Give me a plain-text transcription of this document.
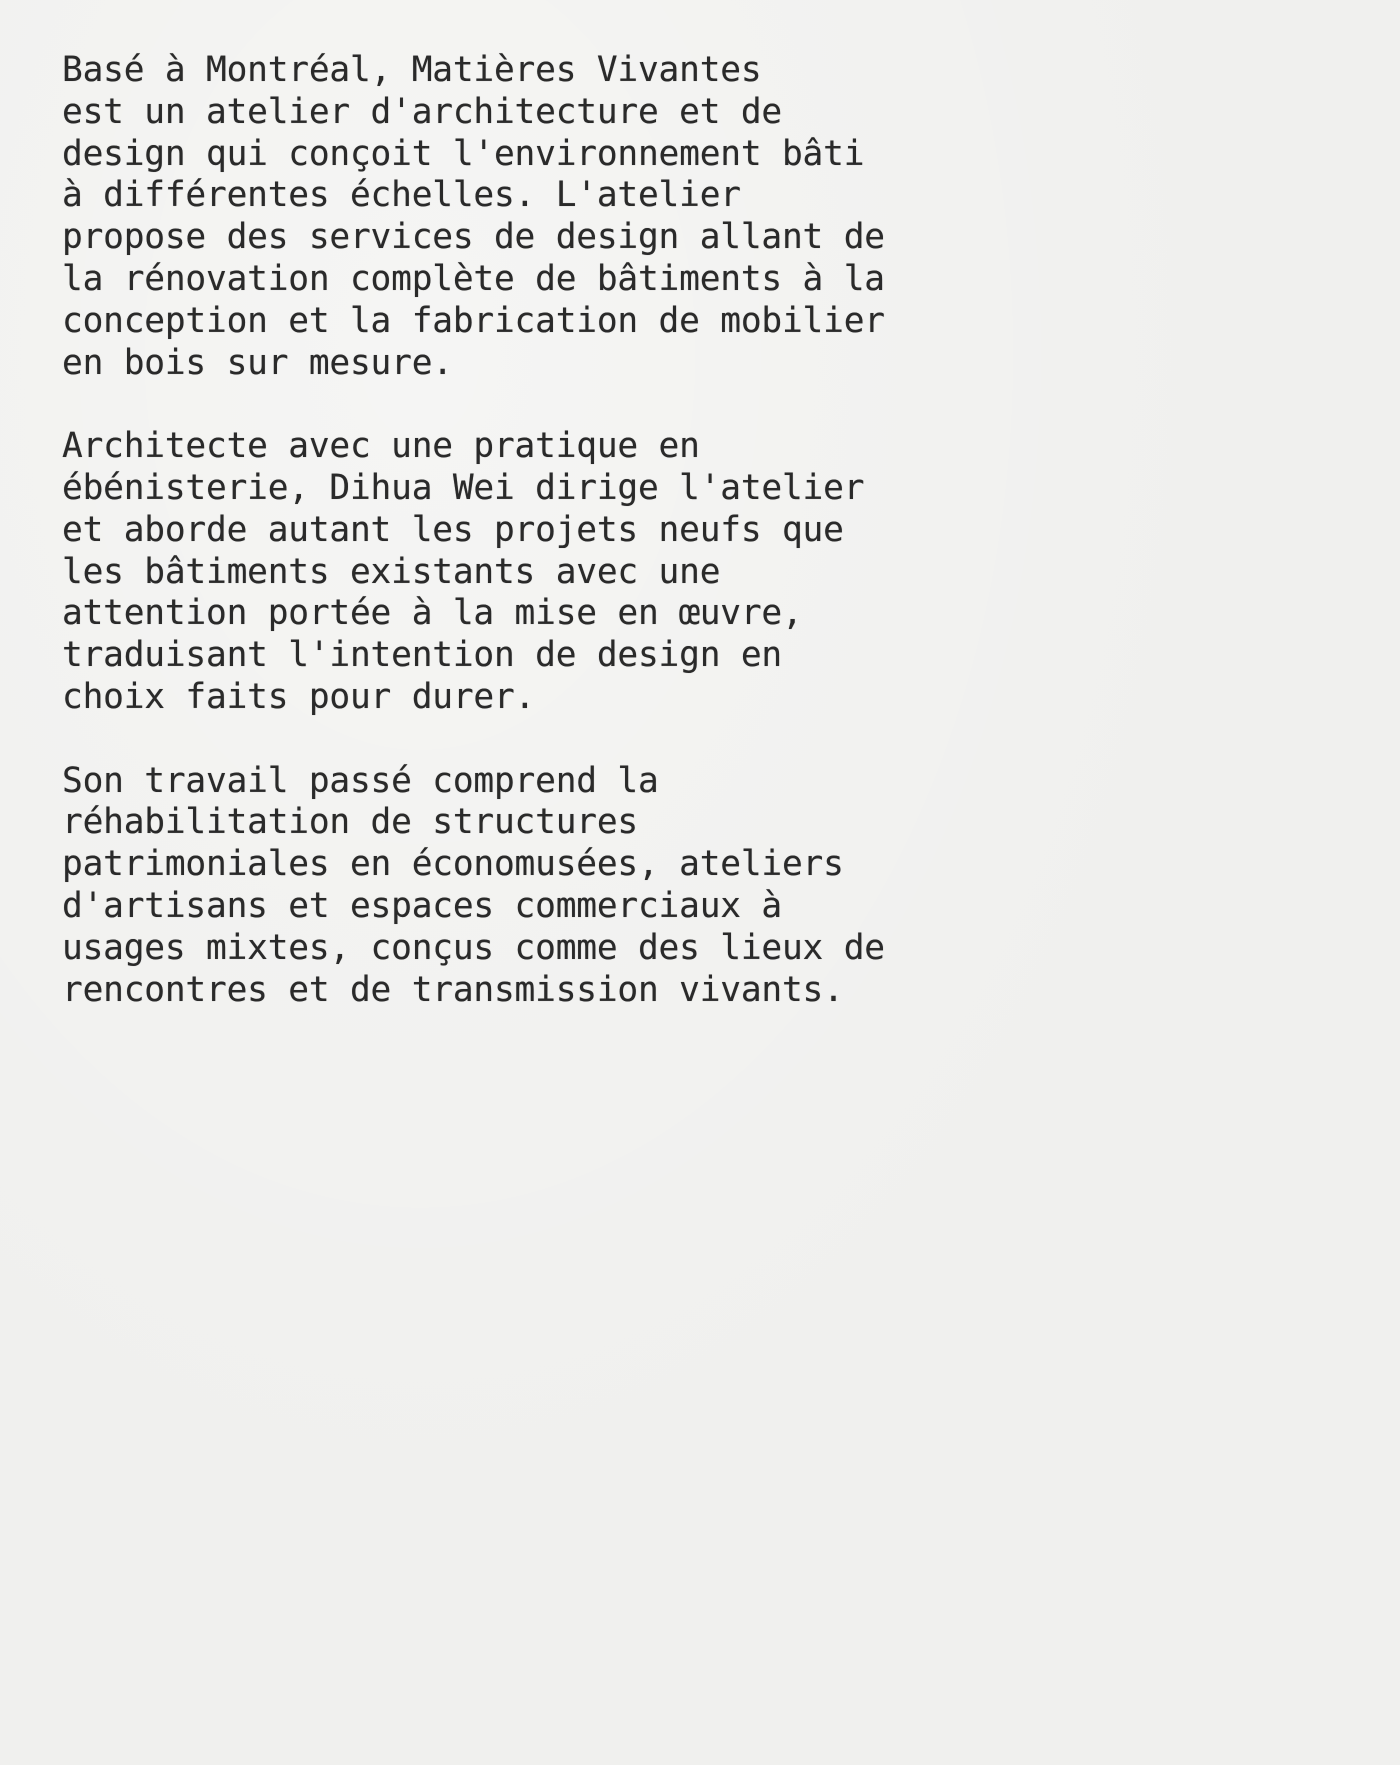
Basé à Montréal, Matières Vivantes
est un atelier d'architecture et de
design qui conçoit l'environnement bâti
à différentes échelles. L'atelier
propose des services de design allant de
la rénovation complète de bâtiments à la
conception et la fabrication de mobilier
en bois sur mesure.

Architecte avec une pratique en
ébénisterie, Dihua Wei dirige l'atelier
et aborde autant les projets neufs que
les bâtiments existants avec une
attention portée à la mise en œuvre,
traduisant l'intention de design en
choix faits pour durer.

Son travail passé comprend la
réhabilitation de structures
patrimoniales en économusées, ateliers
d'artisans et espaces commerciaux à
usages mixtes, conçus comme des lieux de
rencontres et de transmission vivants.
